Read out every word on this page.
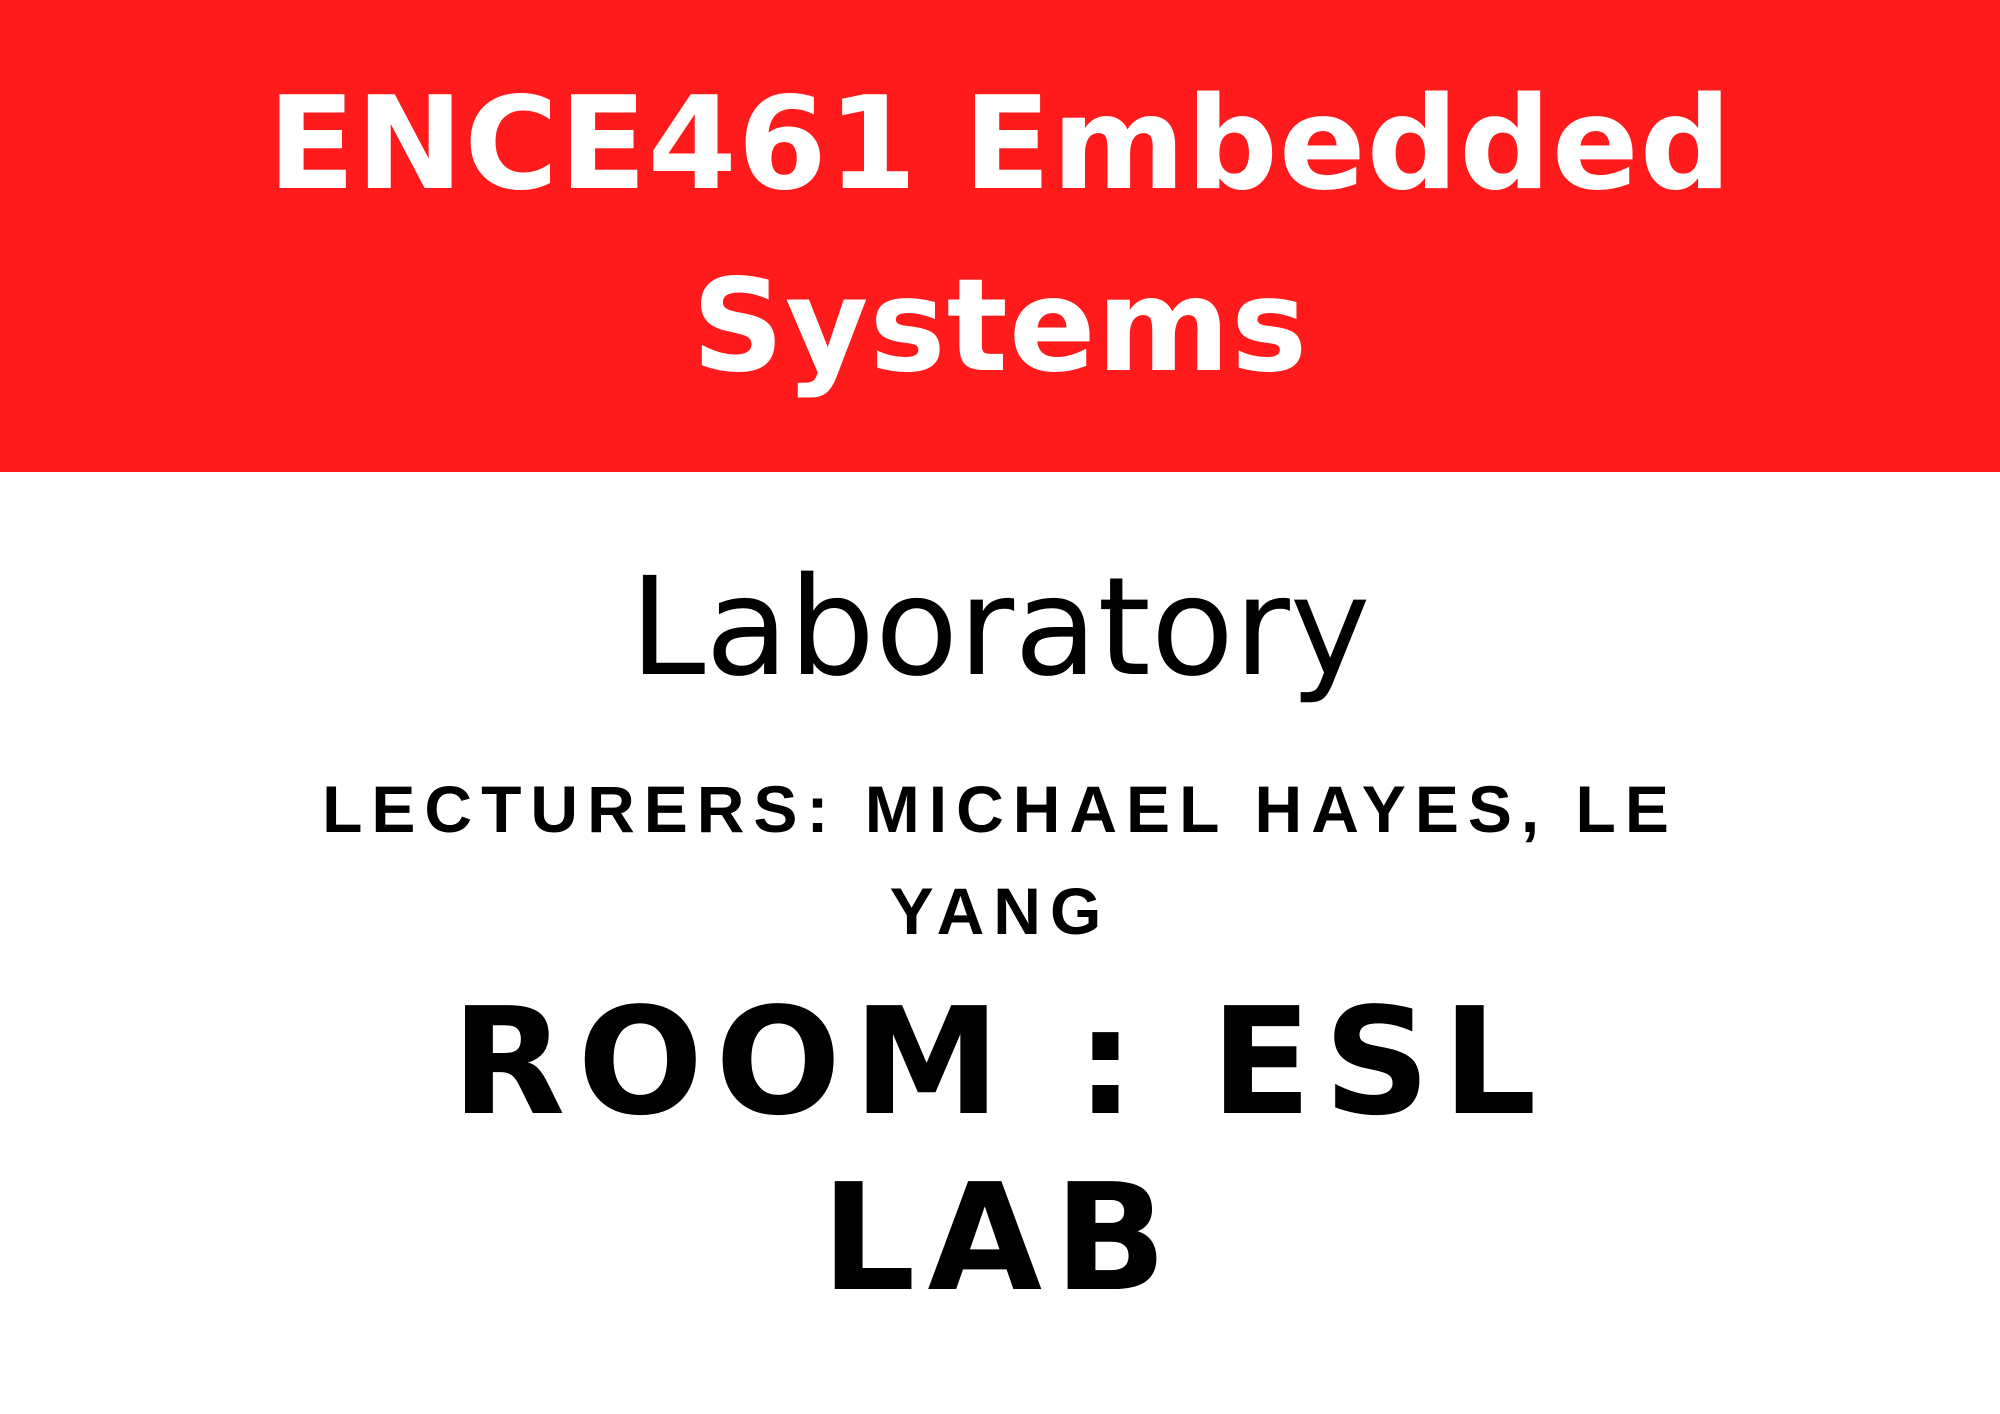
ENCE461 Embedded Systems

Laboratory

LECTURERS: MICHAEL HAYES, LE YANG

ROOM : ESL LAB
